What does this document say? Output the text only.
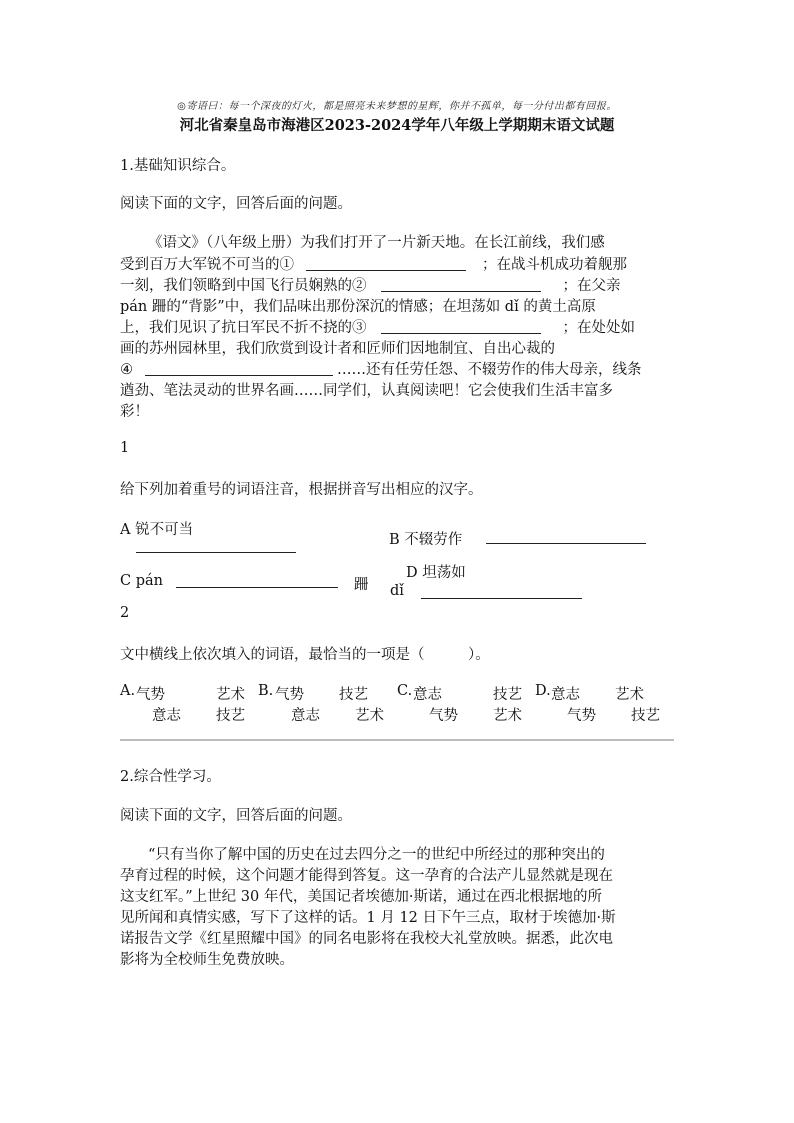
◎寄语曰：每一个深夜的灯火，都是照亮未来梦想的星辉，你并不孤单，每一分付出都有回报。
河北省秦皇岛市海港区2023-2024学年八年级上学期期末语文试题
1.基础知识综合。
阅读下面的文字，回答后面的问题。
《语文》（八年级上册）为我们打开了一片新天地。在长江前线，我们感
受到百万大军锐不可当的①	；在战斗机成功着舰那
一刻，我们领略到中国飞行员娴熟的②	；在父亲
pán 跚的“背影”中，我们品味出那份深沉的情感；在坦荡如 dǐ 的黄土高原
上，我们见识了抗日军民不折不挠的③	；在处处如
画的苏州园林里，我们欣赏到设计者和匠师们因地制宜、自出心裁的
④	……还有任劳任怨、不辍劳作的伟大母亲，线条
遒劲、笔法灵动的世界名画……同学们，认真阅读吧！它会使我们生活丰富多
彩！
1
给下列加着重号的词语注音，根据拼音写出相应的汉字。
A 锐不可当
B 不辍劳作
C pán	跚
D 坦荡如
dǐ
2
文中横线上依次填入的词语，最恰当的一项是（　　　）。
A. 气势	艺术
意志 技艺
B. 气势 技艺
意志 艺术
C. 意志	技艺
气势 艺术
D. 意志 艺术
气势 技艺
2.综合性学习。
阅读下面的文字，回答后面的问题。
“只有当你了解中国的历史在过去四分之一的世纪中所经过的那种突出的
孕育过程的时候，这个问题才能得到答复。这一孕育的合法产儿显然就是现在
这支红军。”上世纪 30 年代，美国记者埃德加·斯诺，通过在西北根据地的所
见所闻和真情实感，写下了这样的话。1 月 12 日下午三点，取材于埃德加·斯
诺报告文学《红星照耀中国》的同名电影将在我校大礼堂放映。据悉，此次电
影将为全校师生免费放映。
